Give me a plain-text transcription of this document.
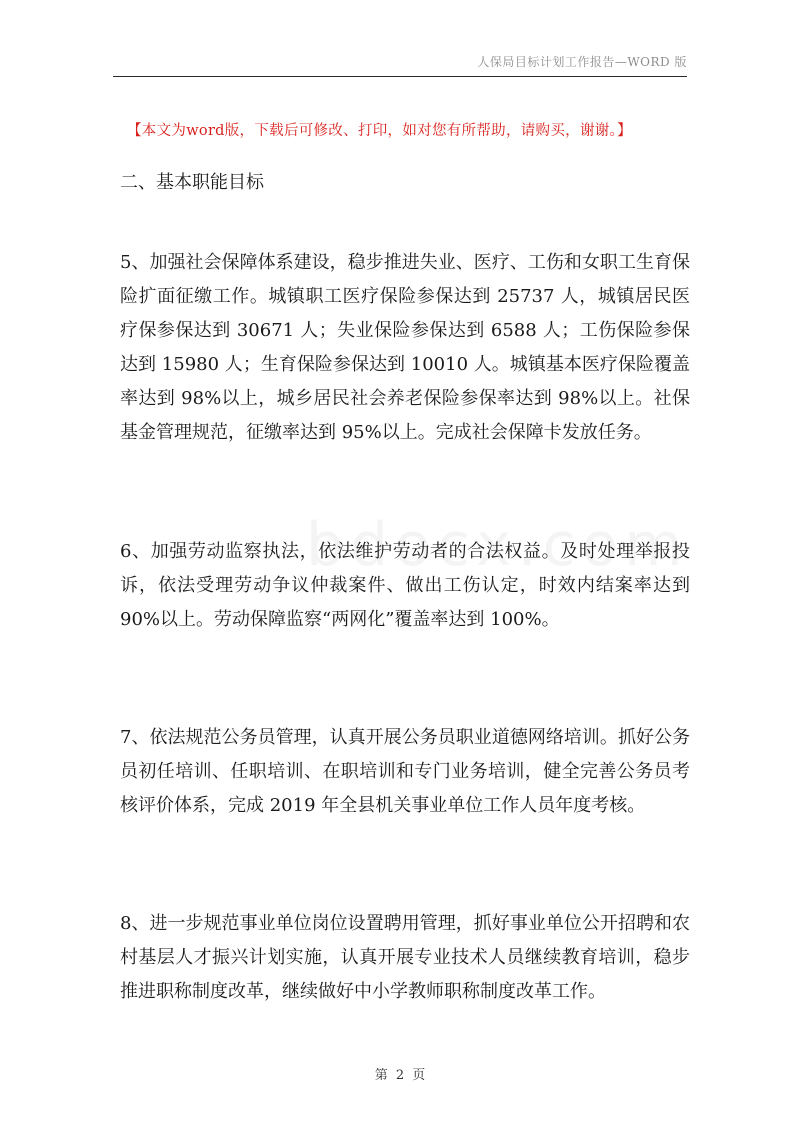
人保局目标计划工作报告—WORD 版
【本文为word版，下载后可修改、打印，如对您有所帮助，请购买，谢谢。】
二、基本职能目标

5、加强社会保障体系建设，稳步推进失业、医疗、工伤和女职工生育保险扩面征缴工作。城镇职工医疗保险参保达到 25737 人，城镇居民医疗保参保达到 30671 人；失业保险参保达到 6588 人；工伤保险参保达到 15980 人；生育保险参保达到 10010 人。城镇基本医疗保险覆盖率达到 98%以上，城乡居民社会养老保险参保率达到 98%以上。社保基金管理规范，征缴率达到 95%以上。完成社会保障卡发放任务。

6、加强劳动监察执法，依法维护劳动者的合法权益。及时处理举报投诉，依法受理劳动争议仲裁案件、做出工伤认定，时效内结案率达到 90%以上。劳动保障监察“两网化”覆盖率达到 100%。

7、依法规范公务员管理，认真开展公务员职业道德网络培训。抓好公务员初任培训、任职培训、在职培训和专门业务培训，健全完善公务员考核评价体系，完成 2019 年全县机关事业单位工作人员年度考核。

8、进一步规范事业单位岗位设置聘用管理，抓好事业单位公开招聘和农村基层人才振兴计划实施，认真开展专业技术人员继续教育培训，稳步推进职称制度改革，继续做好中小学教师职称制度改革工作。

第 2 页
